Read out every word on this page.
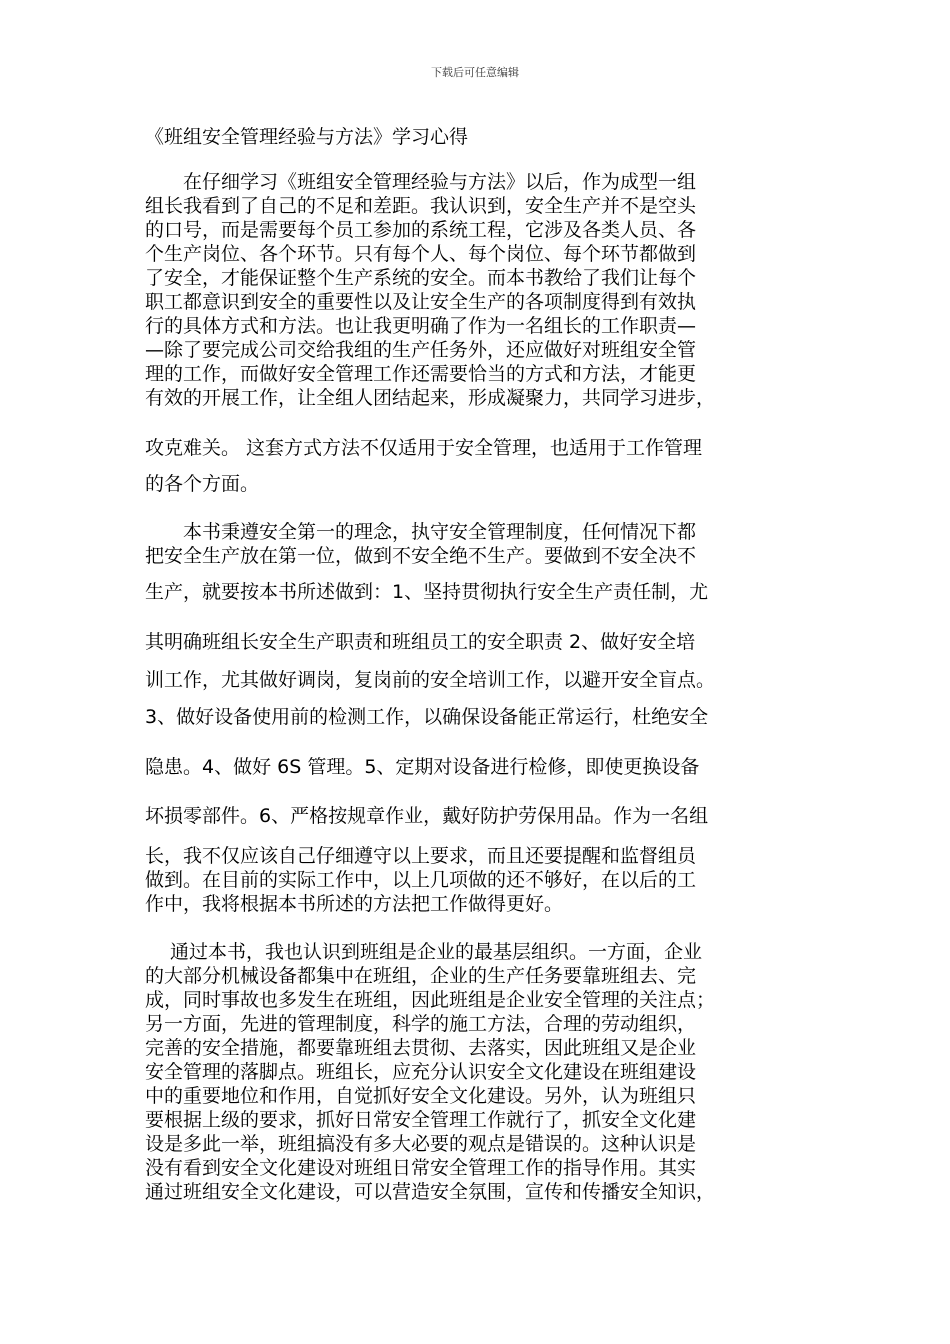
下载后可任意编辑
《班组安全管理经验与方法》学习心得
　　在仔细学习《班组安全管理经验与方法》以后，作为成型一组
组长我看到了自己的不足和差距。我认识到，安全生产并不是空头
的口号，而是需要每个员工参加的系统工程，它涉及各类人员、各
个生产岗位、各个环节。只有每个人、每个岗位、每个环节都做到
了安全，才能保证整个生产系统的安全。而本书教给了我们让每个
职工都意识到安全的重要性以及让安全生产的各项制度得到有效执
行的具体方式和方法。也让我更明确了作为一名组长的工作职责—
—除了要完成公司交给我组的生产任务外，还应做好对班组安全管
理的工作，而做好安全管理工作还需要恰当的方式和方法，才能更
有效的开展工作，让全组人团结起来，形成凝聚力，共同学习进步，
攻克难关。 这套方式方法不仅适用于安全管理，也适用于工作管理
的各个方面。
　　本书秉遵安全第一的理念，执守安全管理制度，任何情况下都
把安全生产放在第一位，做到不安全绝不生产。要做到不安全决不
生产，就要按本书所述做到：1、坚持贯彻执行安全生产责任制，尤
其明确班组长安全生产职责和班组员工的安全职责 2、做好安全培
训工作，尤其做好调岗，复岗前的安全培训工作，以避开安全盲点。
3、做好设备使用前的检测工作，以确保设备能正常运行，杜绝安全
隐患。4、做好 6S 管理。5、定期对设备进行检修，即使更换设备
坏损零部件。6、严格按规章作业，戴好防护劳保用品。作为一名组
长，我不仅应该自己仔细遵守以上要求，而且还要提醒和监督组员
做到。在目前的实际工作中，以上几项做的还不够好，在以后的工
作中，我将根据本书所述的方法把工作做得更好。
　 通过本书，我也认识到班组是企业的最基层组织。一方面，企业
的大部分机械设备都集中在班组，企业的生产任务要靠班组去、完
成，同时事故也多发生在班组，因此班组是企业安全管理的关注点；
另一方面，先进的管理制度，科学的施工方法，合理的劳动组织，
完善的安全措施，都要靠班组去贯彻、去落实，因此班组又是企业
安全管理的落脚点。班组长，应充分认识安全文化建设在班组建设
中的重要地位和作用，自觉抓好安全文化建设。另外，认为班组只
要根据上级的要求，抓好日常安全管理工作就行了，抓安全文化建
设是多此一举，班组搞没有多大必要的观点是错误的。这种认识是
没有看到安全文化建设对班组日常安全管理工作的指导作用。其实
通过班组安全文化建设，可以营造安全氛围，宣传和传播安全知识，
